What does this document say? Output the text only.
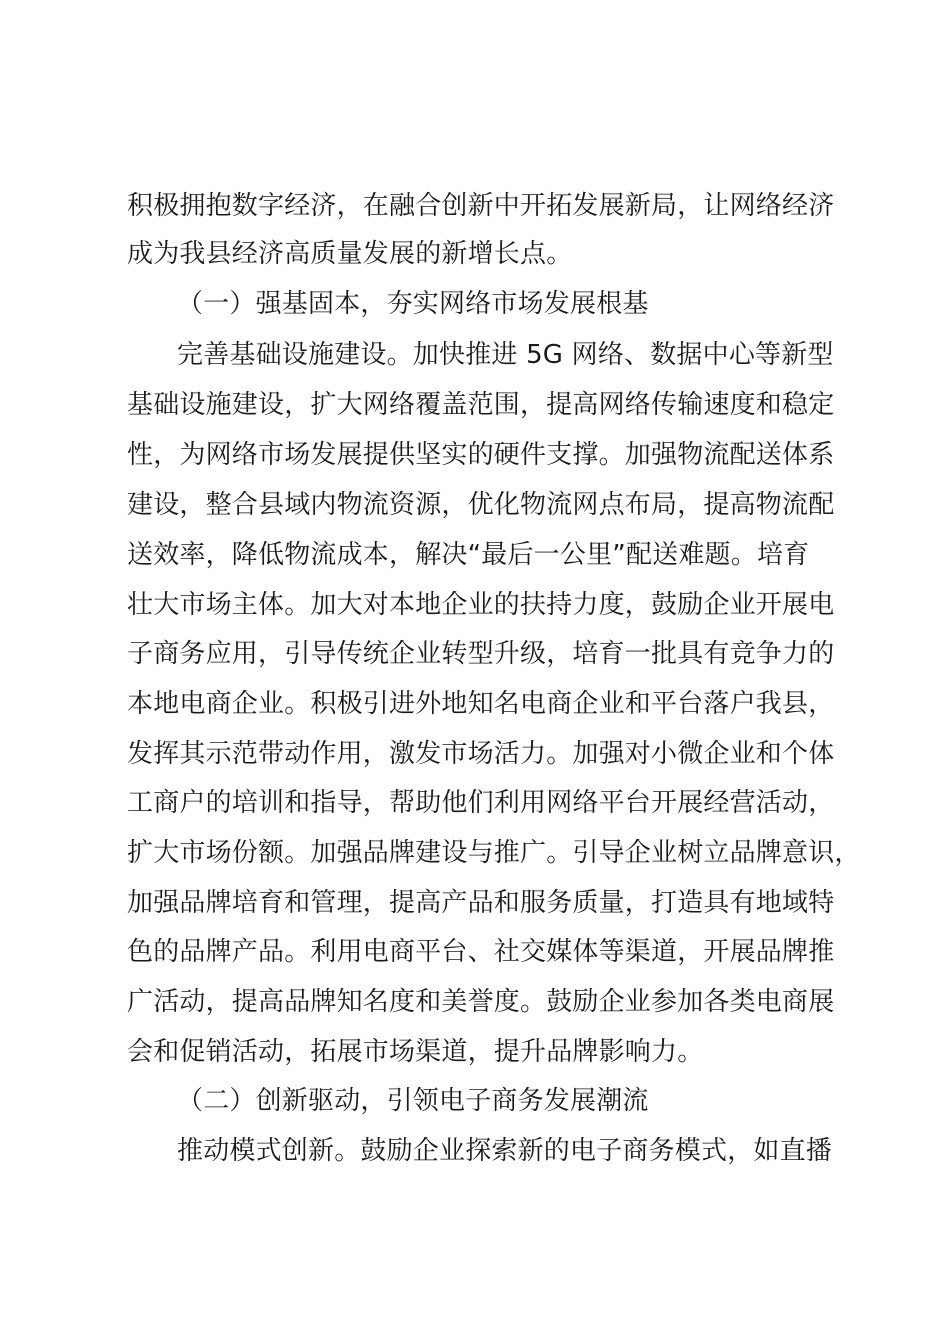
积极拥抱数字经济，在融合创新中开拓发展新局，让网络经济
成为我县经济高质量发展的新增长点。
（一）强基固本，夯实网络市场发展根基
完善基础设施建设。加快推进 5G 网络、数据中心等新型
基础设施建设，扩大网络覆盖范围，提高网络传输速度和稳定
性，为网络市场发展提供坚实的硬件支撑。加强物流配送体系
建设，整合县域内物流资源，优化物流网点布局，提高物流配
送效率，降低物流成本，解决“最后一公里”配送难题。培育
壮大市场主体。加大对本地企业的扶持力度，鼓励企业开展电
子商务应用，引导传统企业转型升级，培育一批具有竞争力的
本地电商企业。积极引进外地知名电商企业和平台落户我县，
发挥其示范带动作用，激发市场活力。加强对小微企业和个体
工商户的培训和指导，帮助他们利用网络平台开展经营活动，
扩大市场份额。加强品牌建设与推广。引导企业树立品牌意识，
加强品牌培育和管理，提高产品和服务质量，打造具有地域特
色的品牌产品。利用电商平台、社交媒体等渠道，开展品牌推
广活动，提高品牌知名度和美誉度。鼓励企业参加各类电商展
会和促销活动，拓展市场渠道，提升品牌影响力。
（二）创新驱动，引领电子商务发展潮流
推动模式创新。鼓励企业探索新的电子商务模式，如直播
